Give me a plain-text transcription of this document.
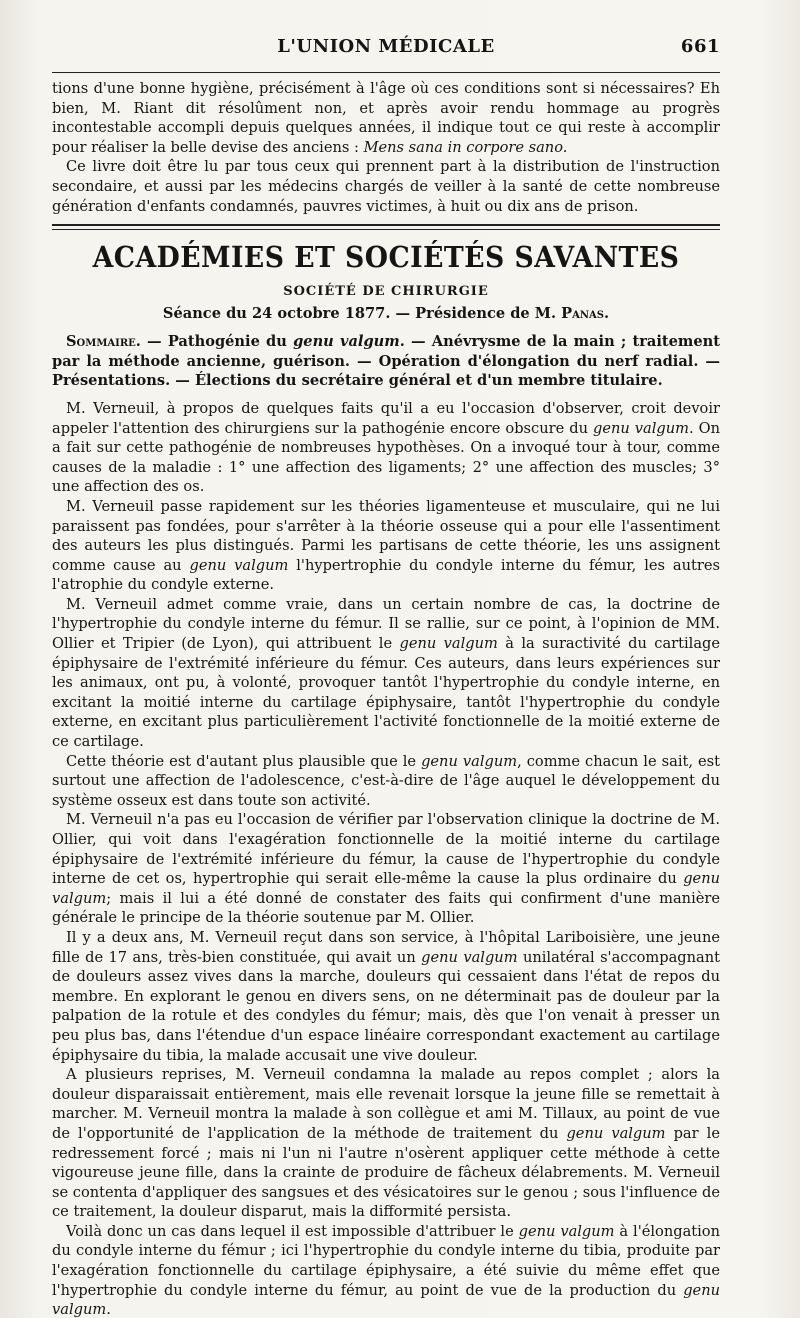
L'UNION MÉDICALE	661

tions d'une bonne hygiène, précisément à l'âge où ces conditions sont si nécessaires? Eh bien, M. Riant dit résolûment non, et après avoir rendu hommage au progrès incontestable accompli depuis quelques années, il indique tout ce qui reste à accomplir pour réaliser la belle devise des anciens : Mens sana in corpore sano.

Ce livre doit être lu par tous ceux qui prennent part à la distribution de l'instruction secondaire, et aussi par les médecins chargés de veiller à la santé de cette nombreuse génération d'enfants condamnés, pauvres victimes, à huit ou dix ans de prison.

ACADÉMIES ET SOCIÉTÉS SAVANTES
SOCIÉTÉ DE CHIRURGIE
Séance du 24 octobre 1877. — Présidence de M. Panas.

Sommaire. — Pathogénie du genu valgum. — Anévrysme de la main ; traitement par la méthode ancienne, guérison. — Opération d'élongation du nerf radial. — Présentations. — Élections du secrétaire général et d'un membre titulaire.

M. Verneuil, à propos de quelques faits qu'il a eu l'occasion d'observer, croit devoir appeler l'attention des chirurgiens sur la pathogénie encore obscure du genu valgum. On a fait sur cette pathogénie de nombreuses hypothèses. On a invoqué tour à tour, comme causes de la maladie : 1° une affection des ligaments; 2° une affection des muscles; 3° une affection des os.

M. Verneuil passe rapidement sur les théories ligamenteuse et musculaire, qui ne lui paraissent pas fondées, pour s'arrêter à la théorie osseuse qui a pour elle l'assentiment des auteurs les plus distingués. Parmi les partisans de cette théorie, les uns assignent comme cause au genu valgum l'hypertrophie du condyle interne du fémur, les autres l'atrophie du condyle externe.

M. Verneuil admet comme vraie, dans un certain nombre de cas, la doctrine de l'hypertrophie du condyle interne du fémur. Il se rallie, sur ce point, à l'opinion de MM. Ollier et Tripier (de Lyon), qui attribuent le genu valgum à la suractivité du cartilage épiphysaire de l'extrémité inférieure du fémur. Ces auteurs, dans leurs expériences sur les animaux, ont pu, à volonté, provoquer tantôt l'hypertrophie du condyle interne, en excitant la moitié interne du cartilage épiphysaire, tantôt l'hypertrophie du condyle externe, en excitant plus particulièrement l'activité fonctionnelle de la moitié externe de ce cartilage.

Cette théorie est d'autant plus plausible que le genu valgum, comme chacun le sait, est surtout une affection de l'adolescence, c'est-à-dire de l'âge auquel le développement du système osseux est dans toute son activité.

M. Verneuil n'a pas eu l'occasion de vérifier par l'observation clinique la doctrine de M. Ollier, qui voit dans l'exagération fonctionnelle de la moitié interne du cartilage épiphysaire de l'extrémité inférieure du fémur, la cause de l'hypertrophie du condyle interne de cet os, hypertrophie qui serait elle-même la cause la plus ordinaire du genu valgum; mais il lui a été donné de constater des faits qui confirment d'une manière générale le principe de la théorie soutenue par M. Ollier.

Il y a deux ans, M. Verneuil reçut dans son service, à l'hôpital Lariboisière, une jeune fille de 17 ans, très-bien constituée, qui avait un genu valgum unilatéral s'accompagnant de douleurs assez vives dans la marche, douleurs qui cessaient dans l'état de repos du membre. En explorant le genou en divers sens, on ne déterminait pas de douleur par la palpation de la rotule et des condyles du fémur; mais, dès que l'on venait à presser un peu plus bas, dans l'étendue d'un espace linéaire correspondant exactement au cartilage épiphysaire du tibia, la malade accusait une vive douleur.

A plusieurs reprises, M. Verneuil condamna la malade au repos complet ; alors la douleur disparaissait entièrement, mais elle revenait lorsque la jeune fille se remettait à marcher. M. Verneuil montra la malade à son collègue et ami M. Tillaux, au point de vue de l'opportunité de l'application de la méthode de traitement du genu valgum par le redressement forcé ; mais ni l'un ni l'autre n'osèrent appliquer cette méthode à cette vigoureuse jeune fille, dans la crainte de produire de fâcheux délabrements. M. Verneuil se contenta d'appliquer des sangsues et des vésicatoires sur le genou ; sous l'influence de ce traitement, la douleur disparut, mais la difformité persista.

Voilà donc un cas dans lequel il est impossible d'attribuer le genu valgum à l'élongation du condyle interne du fémur ; ici l'hypertrophie du condyle interne du tibia, produite par l'exagération fonctionnelle du cartilage épiphysaire, a été suivie du même effet que l'hypertrophie du condyle interne du fémur, au point de vue de la production du genu valgum.
